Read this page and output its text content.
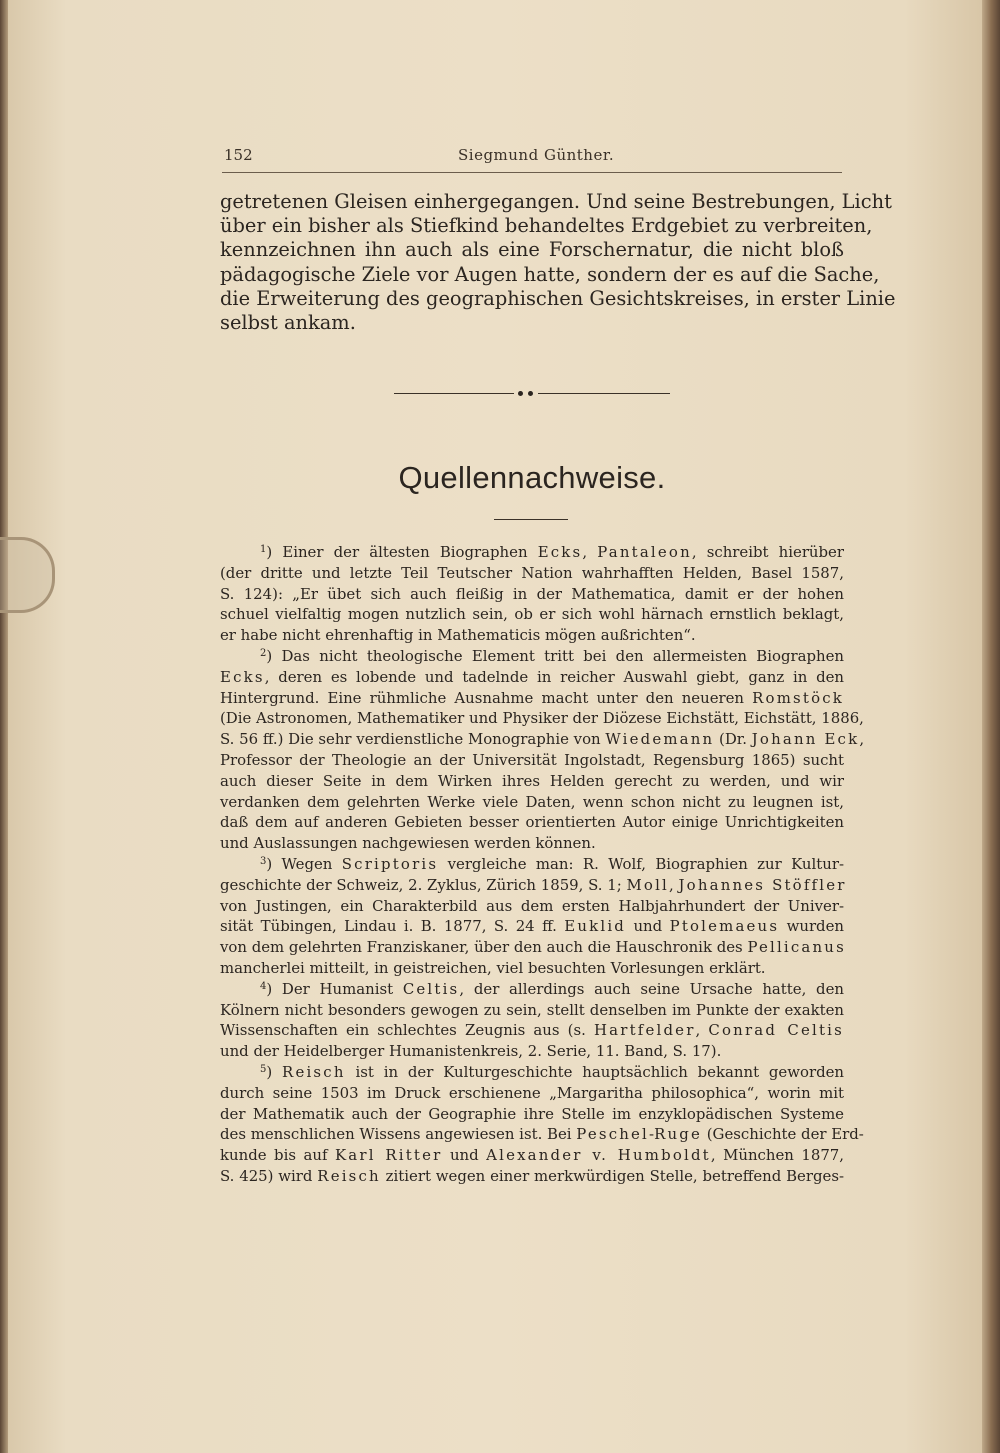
152	Siegmund Günther.
getretenen Gleisen einhergegangen. Und seine Bestrebungen, Licht
über ein bisher als Stiefkind behandeltes Erdgebiet zu verbreiten,
kennzeichnen ihn auch als eine Forschernatur, die nicht bloß
pädagogische Ziele vor Augen hatte, sondern der es auf die Sache,
die Erweiterung des geographischen Gesichtskreises, in erster Linie
selbst ankam.
Quellennachweise.
$^1$) Einer der ältesten Biographen Ecks, Pantaleon, schreibt hierüber
(der dritte und letzte Teil Teutscher Nation wahrhafften Helden, Basel 1587,
S. 124): „Er übet sich auch fleißig in der Mathematica, damit er der hohen
schuel vielfaltig mogen nutzlich sein, ob er sich wohl härnach ernstlich beklagt,
er habe nicht ehrenhaftig in Mathematicis mögen außrichten“.
$^2$) Das nicht theologische Element tritt bei den allermeisten Biographen
Ecks, deren es lobende und tadelnde in reicher Auswahl giebt, ganz in den
Hintergrund. Eine rühmliche Ausnahme macht unter den neueren Romstöck
(Die Astronomen, Mathematiker und Physiker der Diözese Eichstätt, Eichstätt, 1886,
S. 56 ff.) Die sehr verdienstliche Monographie von Wiedemann (Dr. Johann Eck,
Professor der Theologie an der Universität Ingolstadt, Regensburg 1865) sucht
auch dieser Seite in dem Wirken ihres Helden gerecht zu werden, und wir
verdanken dem gelehrten Werke viele Daten, wenn schon nicht zu leugnen ist,
daß dem auf anderen Gebieten besser orientierten Autor einige Unrichtigkeiten
und Auslassungen nachgewiesen werden können.
$^3$) Wegen Scriptoris vergleiche man: R. Wolf, Biographien zur Kultur-
geschichte der Schweiz, 2. Zyklus, Zürich 1859, S. 1; Moll, Johannes Stöffler
von Justingen, ein Charakterbild aus dem ersten Halbjahrhundert der Univer-
sität Tübingen, Lindau i. B. 1877, S. 24 ff. Euklid und Ptolemaeus wurden
von dem gelehrten Franziskaner, über den auch die Hauschronik des Pellicanus
mancherlei mitteilt, in geistreichen, viel besuchten Vorlesungen erklärt.
$^4$) Der Humanist Celtis, der allerdings auch seine Ursache hatte, den
Kölnern nicht besonders gewogen zu sein, stellt denselben im Punkte der exakten
Wissenschaften ein schlechtes Zeugnis aus (s. Hartfelder, Conrad Celtis
und der Heidelberger Humanistenkreis, 2. Serie, 11. Band, S. 17).
$^5$) Reisch ist in der Kulturgeschichte hauptsächlich bekannt geworden
durch seine 1503 im Druck erschienene „Margaritha philosophica“, worin mit
der Mathematik auch der Geographie ihre Stelle im enzyklopädischen Systeme
des menschlichen Wissens angewiesen ist. Bei Peschel-Ruge (Geschichte der Erd-
kunde bis auf Karl Ritter und Alexander v. Humboldt, München 1877,
S. 425) wird Reisch zitiert wegen einer merkwürdigen Stelle, betreffend Berges-
